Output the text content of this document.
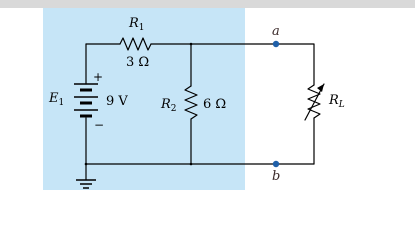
$R_1$
3 Ω
$E_1$
+
9 V
−
$R_2$ 6 Ω	$R_L$
a
b
